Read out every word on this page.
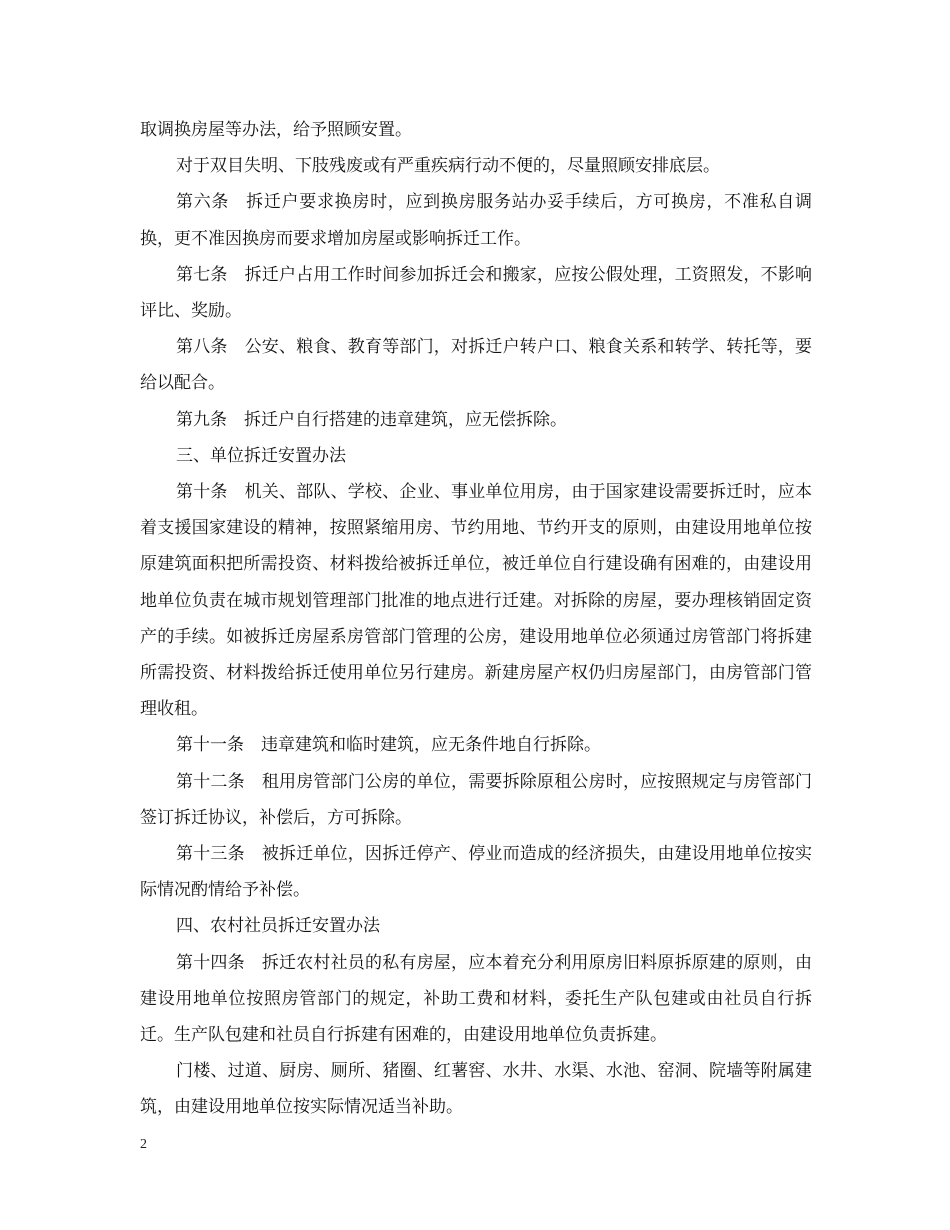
取调换房屋等办法，给予照顾安置。

对于双目失明、下肢残废或有严重疾病行动不便的，尽量照顾安排底层。

第六条 拆迁户要求换房时，应到换房服务站办妥手续后，方可换房，不准私自调换，更不准因换房而要求增加房屋或影响拆迁工作。

第七条 拆迁户占用工作时间参加拆迁会和搬家，应按公假处理，工资照发，不影响评比、奖励。

第八条 公安、粮食、教育等部门，对拆迁户转户口、粮食关系和转学、转托等，要给以配合。

第九条 拆迁户自行搭建的违章建筑，应无偿拆除。

三、单位拆迁安置办法

第十条 机关、部队、学校、企业、事业单位用房，由于国家建设需要拆迁时，应本着支援国家建设的精神，按照紧缩用房、节约用地、节约开支的原则，由建设用地单位按原建筑面积把所需投资、材料拨给被拆迁单位，被迁单位自行建设确有困难的，由建设用地单位负责在城市规划管理部门批准的地点进行迁建。对拆除的房屋，要办理核销固定资产的手续。如被拆迁房屋系房管部门管理的公房，建设用地单位必须通过房管部门将拆建所需投资、材料拨给拆迁使用单位另行建房。新建房屋产权仍归房屋部门，由房管部门管理收租。

第十一条 违章建筑和临时建筑，应无条件地自行拆除。

第十二条 租用房管部门公房的单位，需要拆除原租公房时，应按照规定与房管部门签订拆迁协议，补偿后，方可拆除。

第十三条 被拆迁单位，因拆迁停产、停业而造成的经济损失，由建设用地单位按实际情况酌情给予补偿。

四、农村社员拆迁安置办法

第十四条 拆迁农村社员的私有房屋，应本着充分利用原房旧料原拆原建的原则，由建设用地单位按照房管部门的规定，补助工费和材料，委托生产队包建或由社员自行拆迁。生产队包建和社员自行拆建有困难的，由建设用地单位负责拆建。

门楼、过道、厨房、厕所、猪圈、红薯窖、水井、水渠、水池、窑洞、院墙等附属建筑，由建设用地单位按实际情况适当补助。

2
